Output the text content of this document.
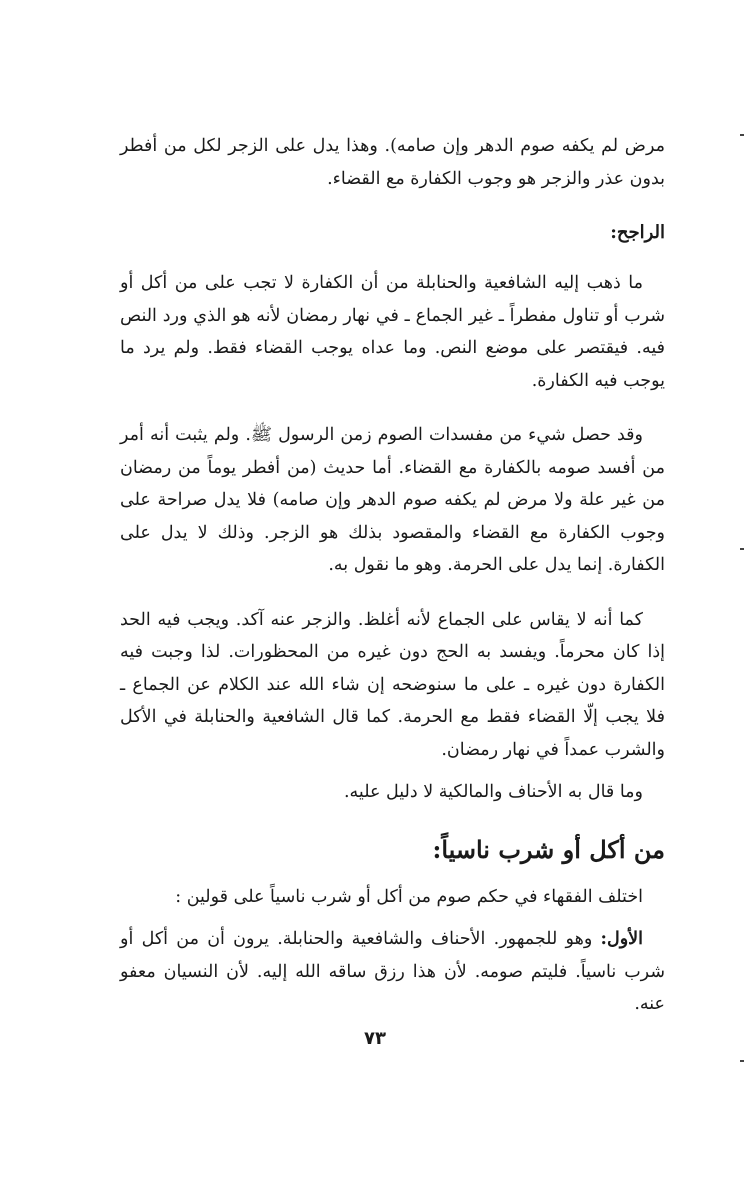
مرض لم يكفه صوم الدهر وإن صامه). وهذا يدل على الزجر لكل من أفطر بدون عذر والزجر هو وجوب الكفارة مع القضاء.

الراجح:

ما ذهب إليه الشافعية والحنابلة من أن الكفارة لا تجب على من أكل أو شرب أو تناول مفطراً ـ غير الجماع ـ في نهار رمضان لأنه هو الذي ورد النص فيه. فيقتصر على موضع النص. وما عداه يوجب القضاء فقط. ولم يرد ما يوجب فيه الكفارة.

وقد حصل شيء من مفسدات الصوم زمن الرسول ﷺ. ولم يثبت أنه أمر من أفسد صومه بالكفارة مع القضاء. أما حديث (من أفطر يوماً من رمضان من غير علة ولا مرض لم يكفه صوم الدهر وإن صامه) فلا يدل صراحة على وجوب الكفارة مع القضاء والمقصود بذلك هو الزجر. وذلك لا يدل على الكفارة. إنما يدل على الحرمة. وهو ما نقول به.

كما أنه لا يقاس على الجماع لأنه أغلظ. والزجر عنه آكد. ويجب فيه الحد إذا كان محرماً. ويفسد به الحج دون غيره من المحظورات. لذا وجبت فيه الكفارة دون غيره ـ على ما سنوضحه إن شاء الله عند الكلام عن الجماع ـ فلا يجب إلّا القضاء فقط مع الحرمة. كما قال الشافعية والحنابلة في الأكل والشرب عمداً في نهار رمضان.

وما قال به الأحناف والمالكية لا دليل عليه.

من أكل أو شرب ناسياً:

اختلف الفقهاء في حكم صوم من أكل أو شرب ناسياً على قولين :

الأول: وهو للجمهور. الأحناف والشافعية والحنابلة. يرون أن من أكل أو شرب ناسياً. فليتم صومه. لأن هذا رزق ساقه الله إليه. لأن النسيان معفو عنه.

٧٣
